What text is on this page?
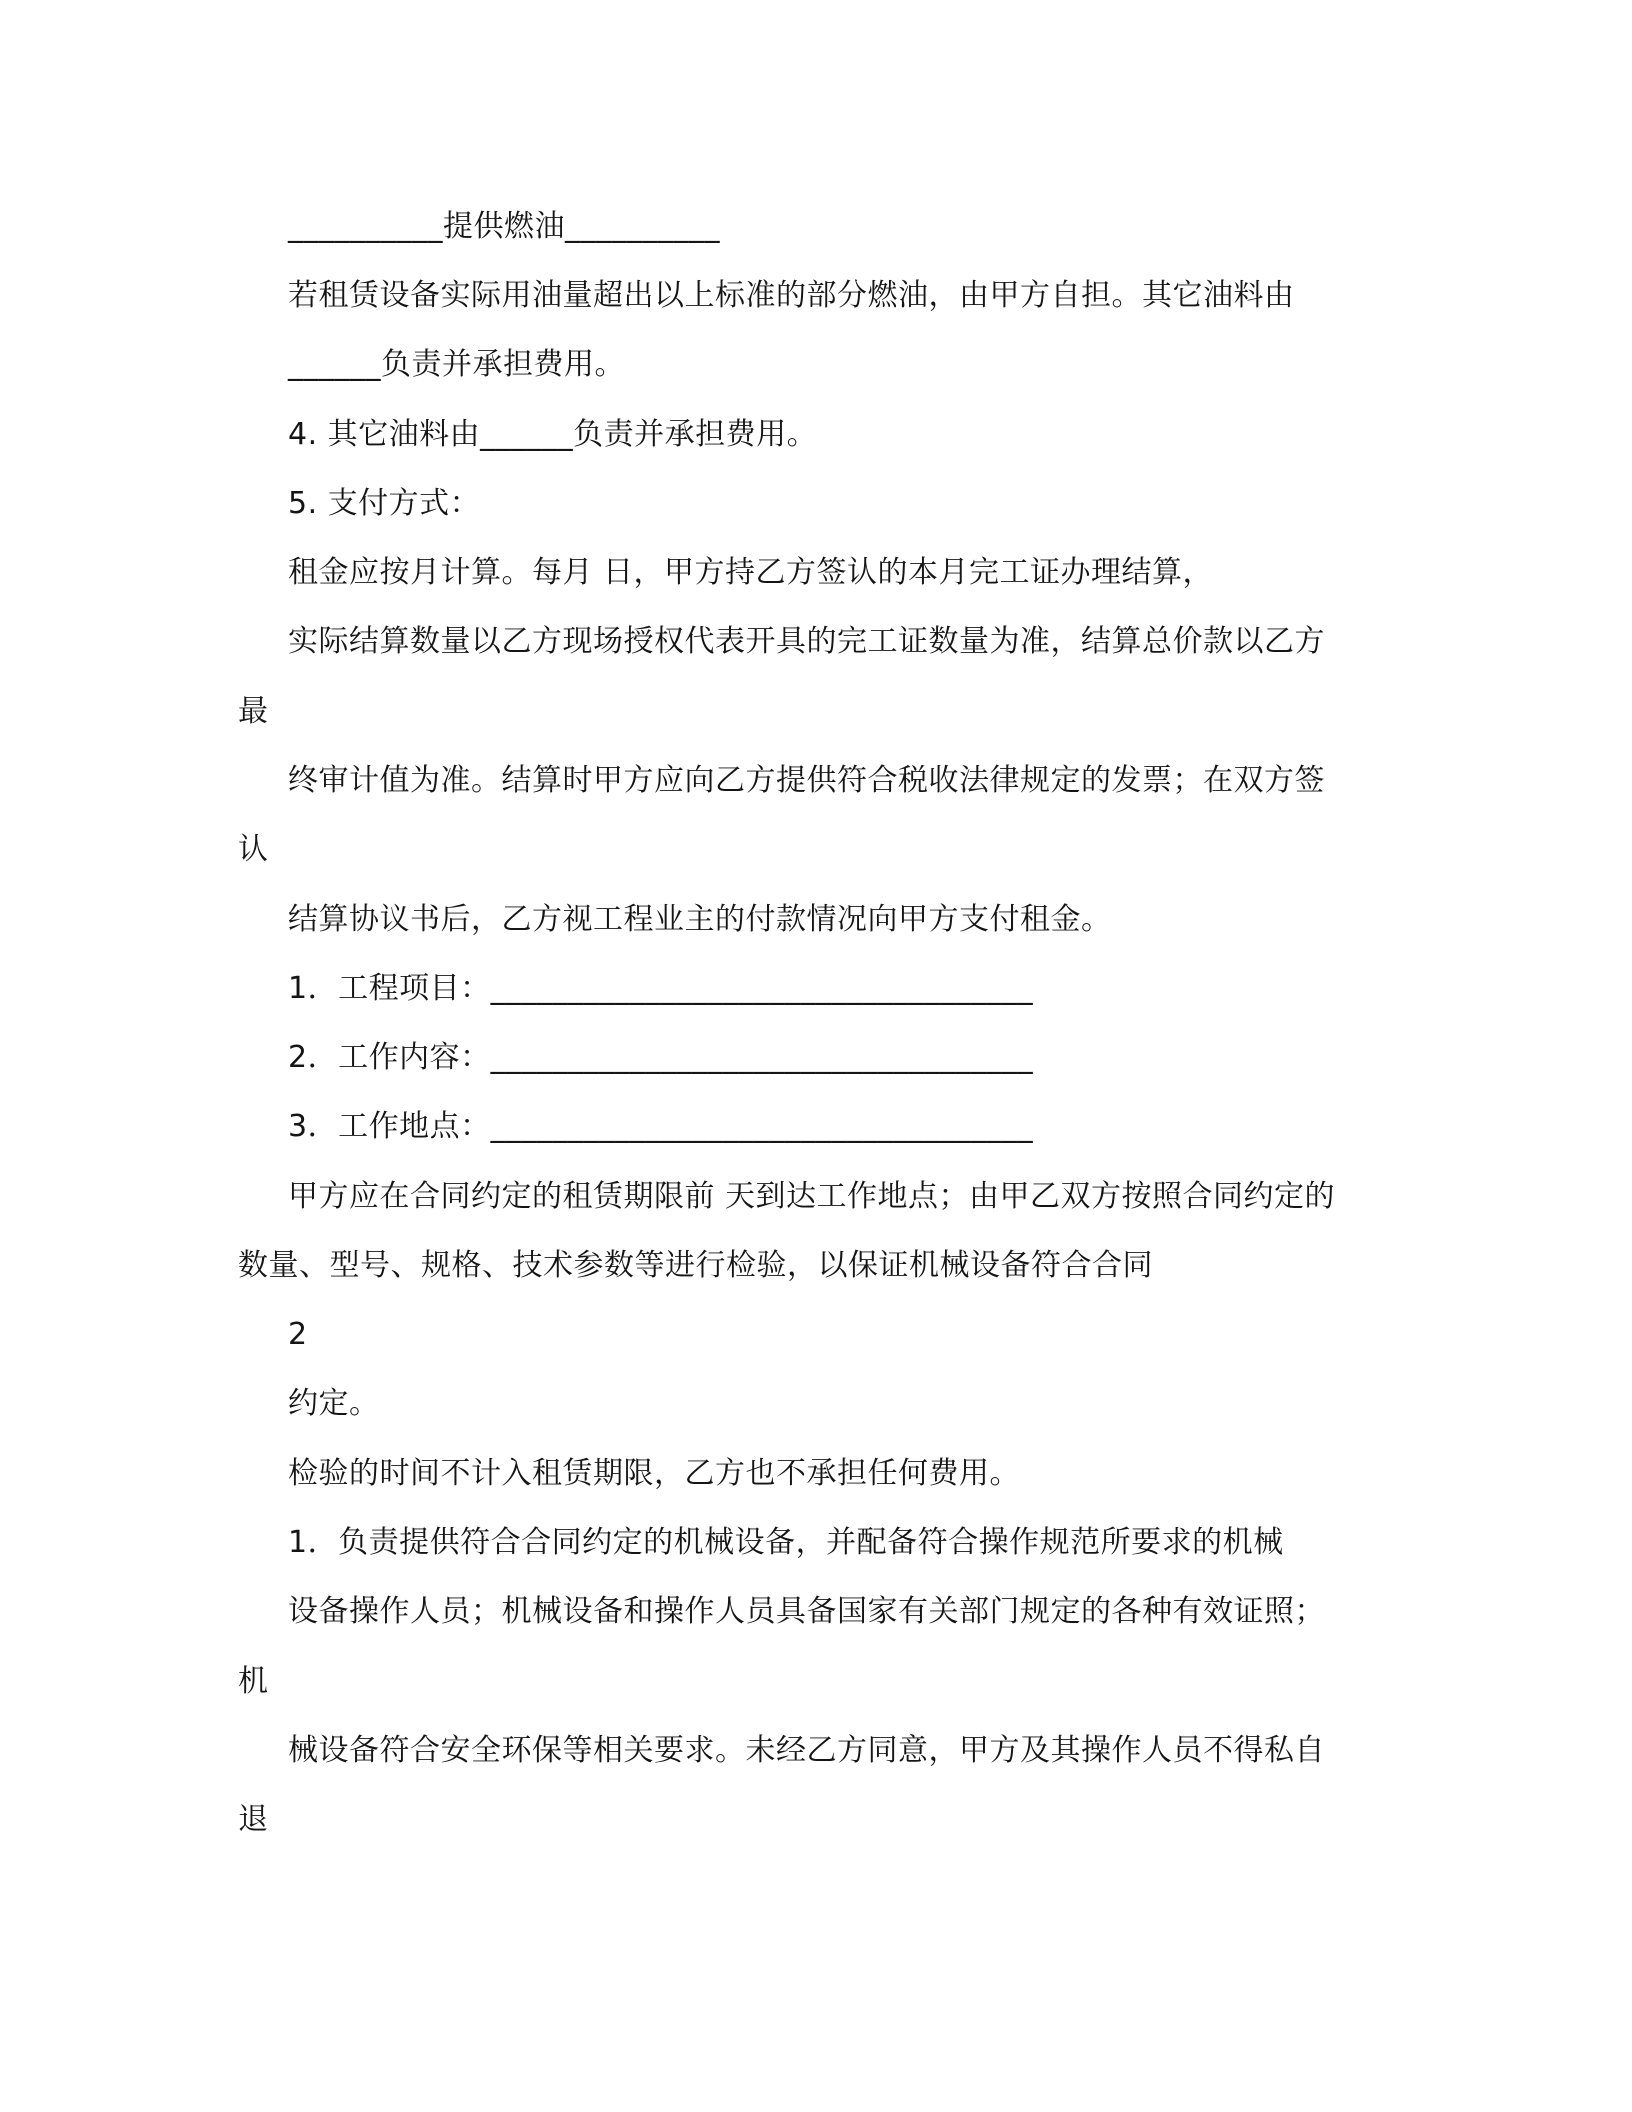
__________提供燃油__________
若租赁设备实际用油量超出以上标准的部分燃油，由甲方自担。其它油料由
______负责并承担费用。
4. 其它油料由______负责并承担费用。
5. 支付方式：
租金应按月计算。每月 日，甲方持乙方签认的本月完工证办理结算，
实际结算数量以乙方现场授权代表开具的完工证数量为准，结算总价款以乙方
最
终审计值为准。结算时甲方应向乙方提供符合税收法律规定的发票；在双方签
认
结算协议书后，乙方视工程业主的付款情况向甲方支付租金。
1．工程项目：___________________________________
2．工作内容：___________________________________
3．工作地点：___________________________________
甲方应在合同约定的租赁期限前 天到达工作地点；由甲乙双方按照合同约定的
数量、型号、规格、技术参数等进行检验，以保证机械设备符合合同
2
约定。
检验的时间不计入租赁期限，乙方也不承担任何费用。
1．负责提供符合合同约定的机械设备，并配备符合操作规范所要求的机械
设备操作人员；机械设备和操作人员具备国家有关部门规定的各种有效证照；
机
械设备符合安全环保等相关要求。未经乙方同意，甲方及其操作人员不得私自
退
